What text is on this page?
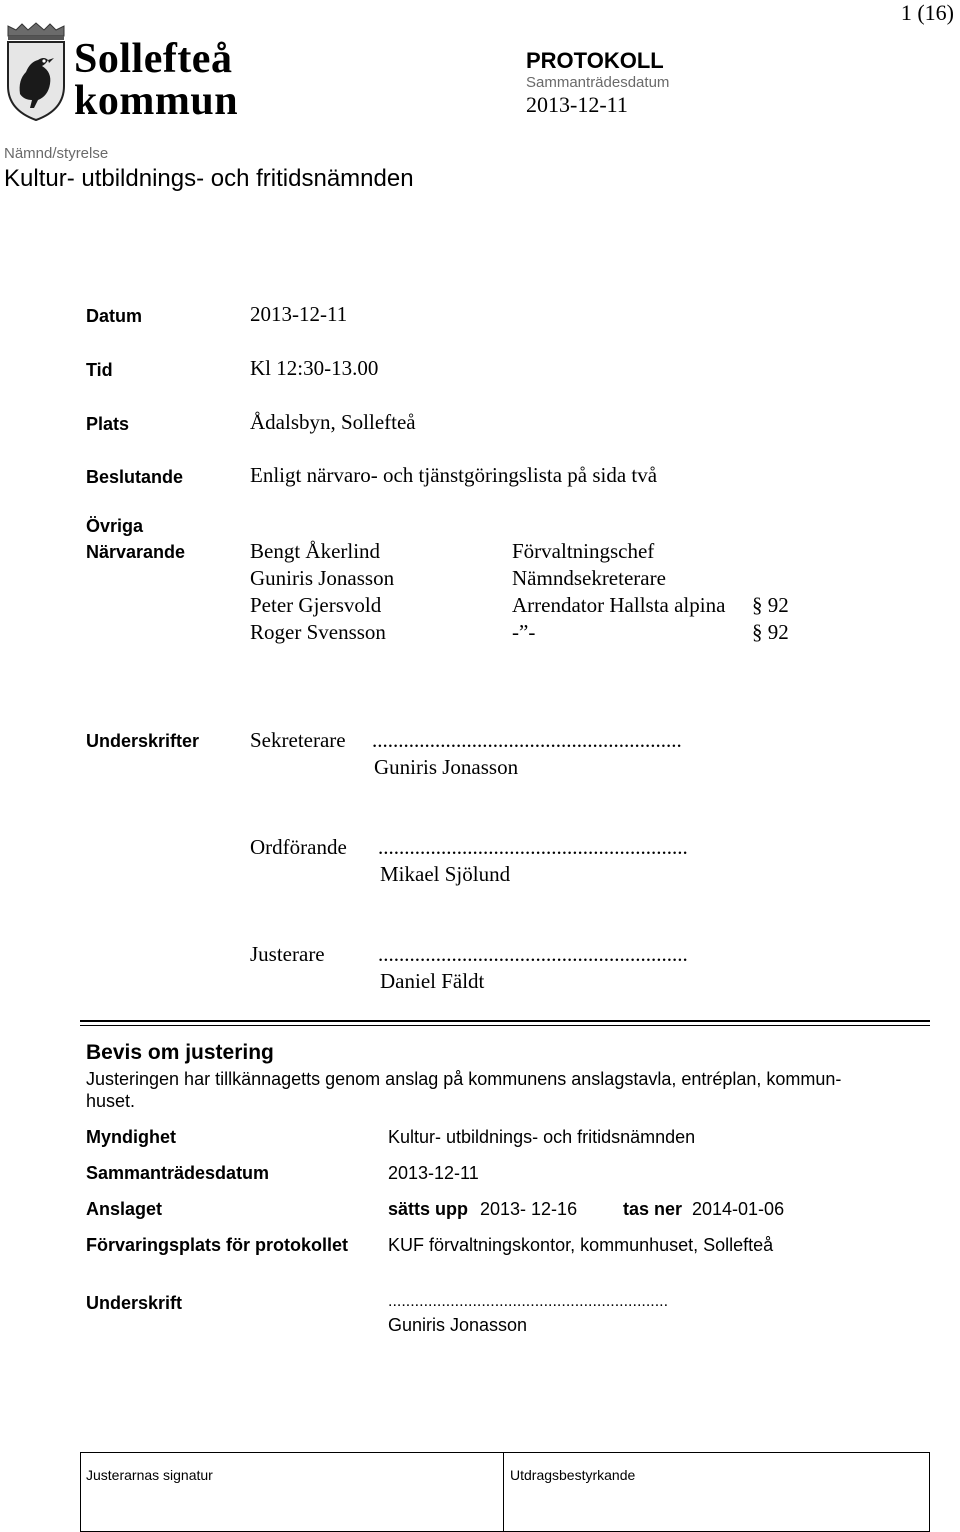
1 (16)
Sollefteå
kommun
PROTOKOLL
Sammanträdesdatum
2013-12-11
Nämnd/styrelse
Kultur- utbildnings- och fritidsnämnden
Datum	2013-12-11
Tid	Kl 12:30-13.00
Plats	Ådalsbyn, Sollefteå
Beslutande	Enligt närvaro- och tjänstgöringslista på sida två
Övriga
Närvarande	Bengt Åkerlind	Förvaltningschef
Guniris Jonasson	Nämndsekreterare
Peter Gjersvold	Arrendator Hallsta alpina § 92
Roger Svensson	-”-	§ 92
Underskrifter Sekreterare ...........................................................
Guniris Jonasson
Ordförande ...........................................................
Mikael Sjölund
Justerare	...........................................................
Daniel Fäldt
Bevis om justering
Justeringen har tillkännagetts genom anslag på kommunens anslagstavla, entréplan, kommun-
huset.
Myndighet	Kultur- utbildnings- och fritidsnämnden
Sammanträdesdatum	2013-12-11
Anslaget	sätts upp 2013- 12-16	tas ner 2014-01-06
Förvaringsplats för protokollet KUF förvaltningskontor, kommunhuset, Sollefteå
Underskrift	...............................................................
Guniris Jonasson
Justerarnas signatur	Utdragsbestyrkande
